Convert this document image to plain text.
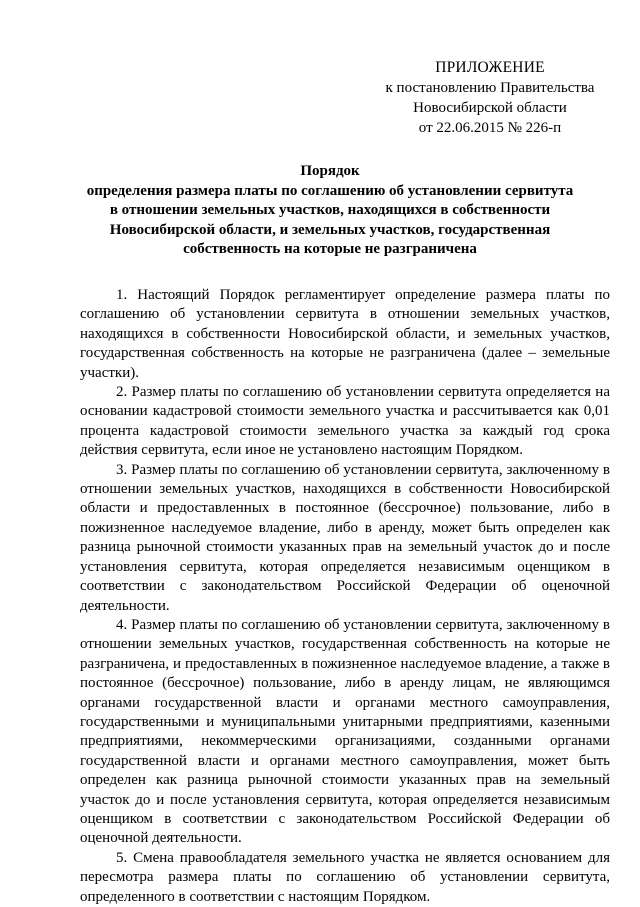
ПРИЛОЖЕНИЕ
к постановлению Правительства
Новосибирской области
от 22.06.2015 № 226-п
Порядок
определения размера платы по соглашению об установлении сервитута
в отношении земельных участков, находящихся в собственности
Новосибирской области, и земельных участков, государственная
собственность на которые не разграничена

1. Настоящий Порядок регламентирует определение размера платы по соглашению об установлении сервитута в отношении земельных участков, находящихся в собственности Новосибирской области, и земельных участков, государственная собственность на которые не разграничена (далее – земельные участки).

2. Размер платы по соглашению об установлении сервитута определяется на основании кадастровой стоимости земельного участка и рассчитывается как 0,01 процента кадастровой стоимости земельного участка за каждый год срока действия сервитута, если иное не установлено настоящим Порядком.

3. Размер платы по соглашению об установлении сервитута, заключенному в отношении земельных участков, находящихся в собственности Новосибирской области и предоставленных в постоянное (бессрочное) пользование, либо в пожизненное наследуемое владение, либо в аренду, может быть определен как разница рыночной стоимости указанных прав на земельный участок до и после установления сервитута, которая определяется независимым оценщиком в соответствии с законодательством Российской Федерации об оценочной деятельности.

4. Размер платы по соглашению об установлении сервитута, заключенному в отношении земельных участков, государственная собственность на которые не разграничена, и предоставленных в пожизненное наследуемое владение, а также в постоянное (бессрочное) пользование, либо в аренду лицам, не являющимся органами государственной власти и органами местного самоуправления, государственными и муниципальными унитарными предприятиями, казенными предприятиями, некоммерческими организациями, созданными органами государственной власти и органами местного самоуправления, может быть определен как разница рыночной стоимости указанных прав на земельный участок до и после установления сервитута, которая определяется независимым оценщиком в соответствии с законодательством Российской Федерации об оценочной деятельности.

5. Смена правообладателя земельного участка не является основанием для пересмотра размера платы по соглашению об установлении сервитута, определенного в соответствии с настоящим Порядком.
